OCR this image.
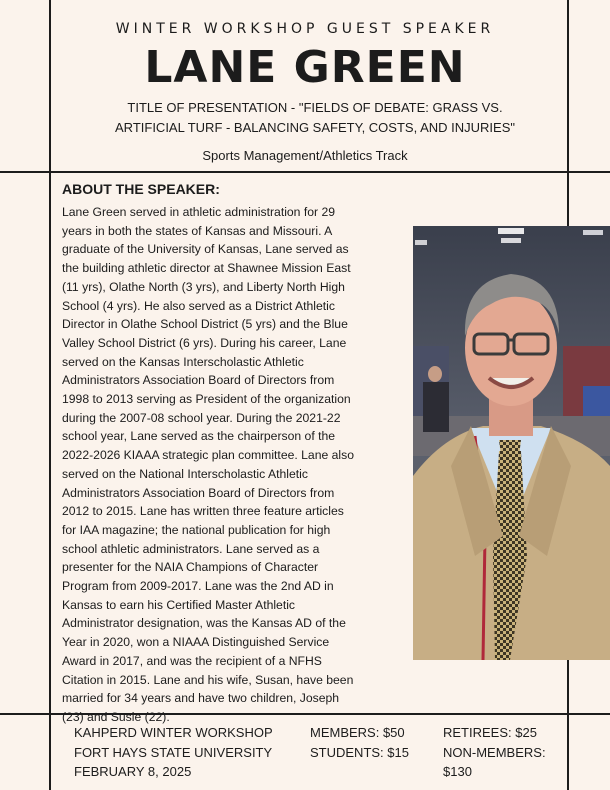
WINTER WORKSHOP GUEST SPEAKER
LANE GREEN
TITLE OF PRESENTATION - "FIELDS OF DEBATE: GRASS VS.
ARTIFICIAL TURF - BALANCING SAFETY, COSTS, AND INJURIES"
Sports Management/Athletics Track
ABOUT THE SPEAKER:
Lane Green served in athletic administration for 29
years in both the states of Kansas and Missouri. A
graduate of the University of Kansas, Lane served as
the building athletic director at Shawnee Mission East
(11 yrs), Olathe North (3 yrs), and Liberty North High
School (4 yrs). He also served as a District Athletic
Director in Olathe School District (5 yrs) and the Blue
Valley School District (6 yrs). During his career, Lane
served on the Kansas Interscholastic Athletic
Administrators Association Board of Directors from
1998 to 2013 serving as President of the organization
during the 2007-08 school year. During the 2021-22
school year, Lane served as the chairperson of the
2022-2026 KIAAA strategic plan committee. Lane also
served on the National Interscholastic Athletic
Administrators Association Board of Directors from
2012 to 2015. Lane has written three feature articles
for IAA magazine; the national publication for high
school athletic administrators. Lane served as a
presenter for the NAIA Champions of Character
Program from 2009-2017. Lane was the 2nd AD in
Kansas to earn his Certified Master Athletic
Administrator designation, was the Kansas AD of the
Year in 2020, won a NIAAA Distinguished Service
Award in 2017, and was the recipient of a NFHS
Citation in 2015. Lane and his wife, Susan, have been
married for 34 years and have two children, Joseph
(23) and Susie (22).
KAHPERD WINTER WORKSHOP
FORT HAYS STATE UNIVERSITY
FEBRUARY 8, 2025
MEMBERS: $50
STUDENTS: $15
RETIREES: $25
NON-MEMBERS:
$130
